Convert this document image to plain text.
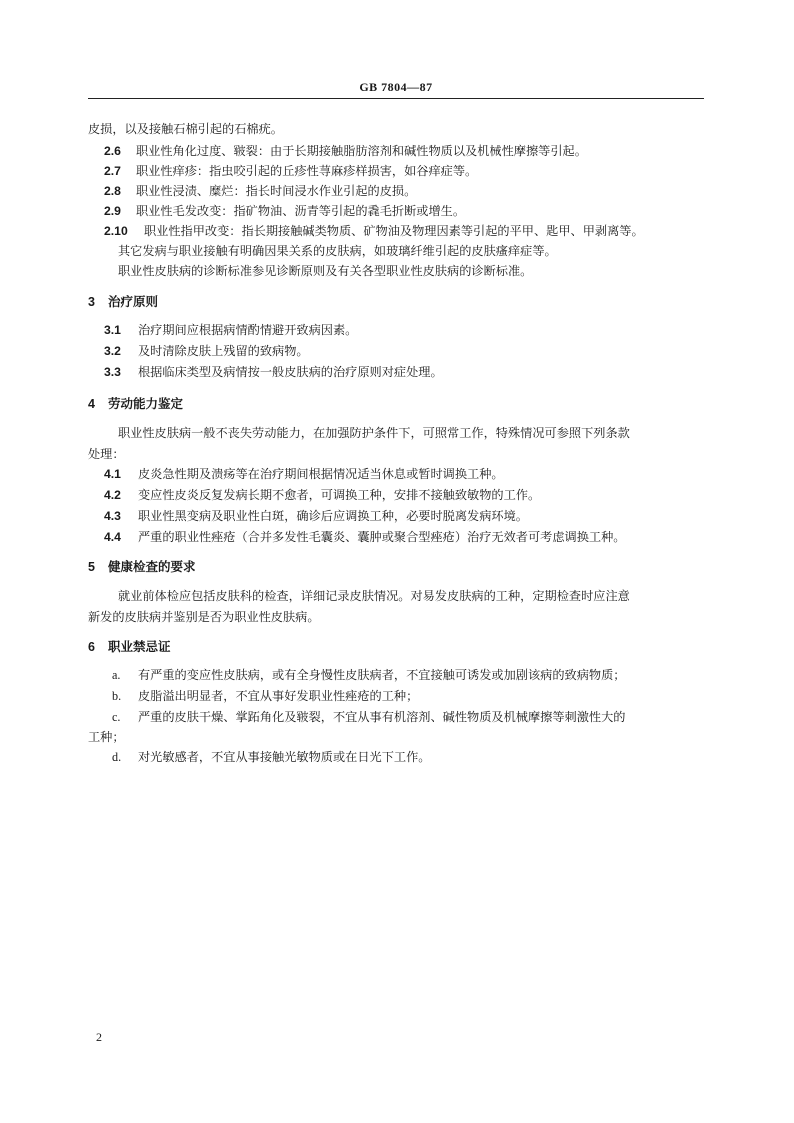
GB 7804—87
皮损，以及接触石棉引起的石棉疣。
2.6 职业性角化过度、皲裂：由于长期接触脂肪溶剂和碱性物质以及机械性摩擦等引起。
2.7 职业性痒疹：指虫咬引起的丘疹性荨麻疹样损害，如谷痒症等。
2.8 职业性浸渍、糜烂：指长时间浸水作业引起的皮损。
2.9 职业性毛发改变：指矿物油、沥青等引起的毳毛折断或增生。
2.10 职业性指甲改变：指长期接触碱类物质、矿物油及物理因素等引起的平甲、匙甲、甲剥离等。
其它发病与职业接触有明确因果关系的皮肤病，如玻璃纤维引起的皮肤瘙痒症等。
职业性皮肤病的诊断标准参见诊断原则及有关各型职业性皮肤病的诊断标准。
3 治疗原则
3.1 治疗期间应根据病情酌情避开致病因素。
3.2 及时清除皮肤上残留的致病物。
3.3 根据临床类型及病情按一般皮肤病的治疗原则对症处理。
4 劳动能力鉴定
职业性皮肤病一般不丧失劳动能力，在加强防护条件下，可照常工作，特殊情况可参照下列条款
处理：
4.1 皮炎急性期及溃疡等在治疗期间根据情况适当休息或暂时调换工种。
4.2 变应性皮炎反复发病长期不愈者，可调换工种，安排不接触致敏物的工作。
4.3 职业性黑变病及职业性白斑，确诊后应调换工种，必要时脱离发病环境。
4.4 严重的职业性痤疮（合并多发性毛囊炎、囊肿或聚合型痤疮）治疗无效者可考虑调换工种。
5 健康检查的要求
就业前体检应包括皮肤科的检查，详细记录皮肤情况。对易发皮肤病的工种，定期检查时应注意
新发的皮肤病并鉴别是否为职业性皮肤病。
6 职业禁忌证
a. 有严重的变应性皮肤病，或有全身慢性皮肤病者，不宜接触可诱发或加剧该病的致病物质；
b. 皮脂溢出明显者，不宜从事好发职业性痤疮的工种；
c. 严重的皮肤干燥、掌跖角化及皲裂，不宜从事有机溶剂、碱性物质及机械摩擦等刺激性大的
工种；
d. 对光敏感者，不宜从事接触光敏物质或在日光下工作。
2
